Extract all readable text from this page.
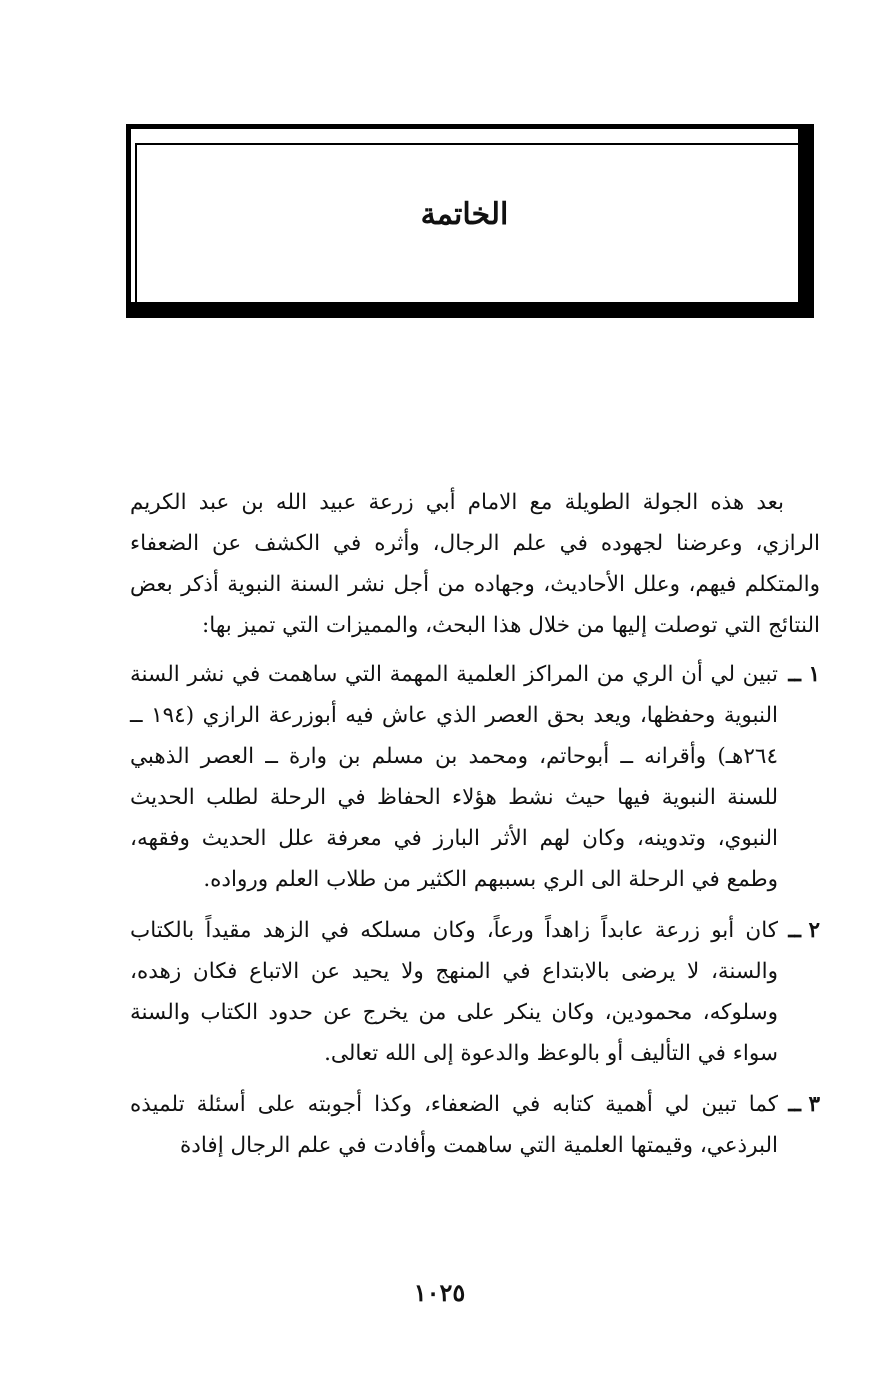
الخاتمة

بعد هذه الجولة الطويلة مع الامام أبي زرعة عبيد الله بن عبد الكريم الرازي، وعرضنا لجهوده في علم الرجال، وأثره في الكشف عن الضعفاء والمتكلم فيهم، وعلل الأحاديث، وجهاده من أجل نشر السنة النبوية أذكر بعض النتائج التي توصلت إليها من خلال هذا البحث، والمميزات التي تميز بها:

١ ــ
تبين لي أن الري من المراكز العلمية المهمة التي ساهمت في نشر السنة النبوية وحفظها، ويعد بحق العصر الذي عاش فيه أبوزرعة الرازي (١٩٤ ــ ٢٦٤هـ) وأقرانه ــ أبوحاتم، ومحمد بن مسلم بن وارة ــ العصر الذهبي للسنة النبوية فيها حيث نشط هؤلاء الحفاظ في الرحلة لطلب الحديث النبوي، وتدوينه، وكان لهم الأثر البارز في معرفة علل الحديث وفقهه، وطمع في الرحلة الى الري بسببهم الكثير من طلاب العلم ورواده.
٢ ــ
كان أبو زرعة عابداً زاهداً ورعاً، وكان مسلكه في الزهد مقيداً بالكتاب والسنة، لا يرضى بالابتداع في المنهج ولا يحيد عن الاتباع فكان زهده، وسلوكه، محمودين، وكان ينكر على من يخرج عن حدود الكتاب والسنة سواء في التأليف أو بالوعظ والدعوة إلى الله تعالى.
٣ ــ
كما تبين لي أهمية كتابه في الضعفاء، وكذا أجوبته على أسئلة تلميذه البرذعي، وقيمتها العلمية التي ساهمت وأفادت في علم الرجال إفادة
١٠٢٥
